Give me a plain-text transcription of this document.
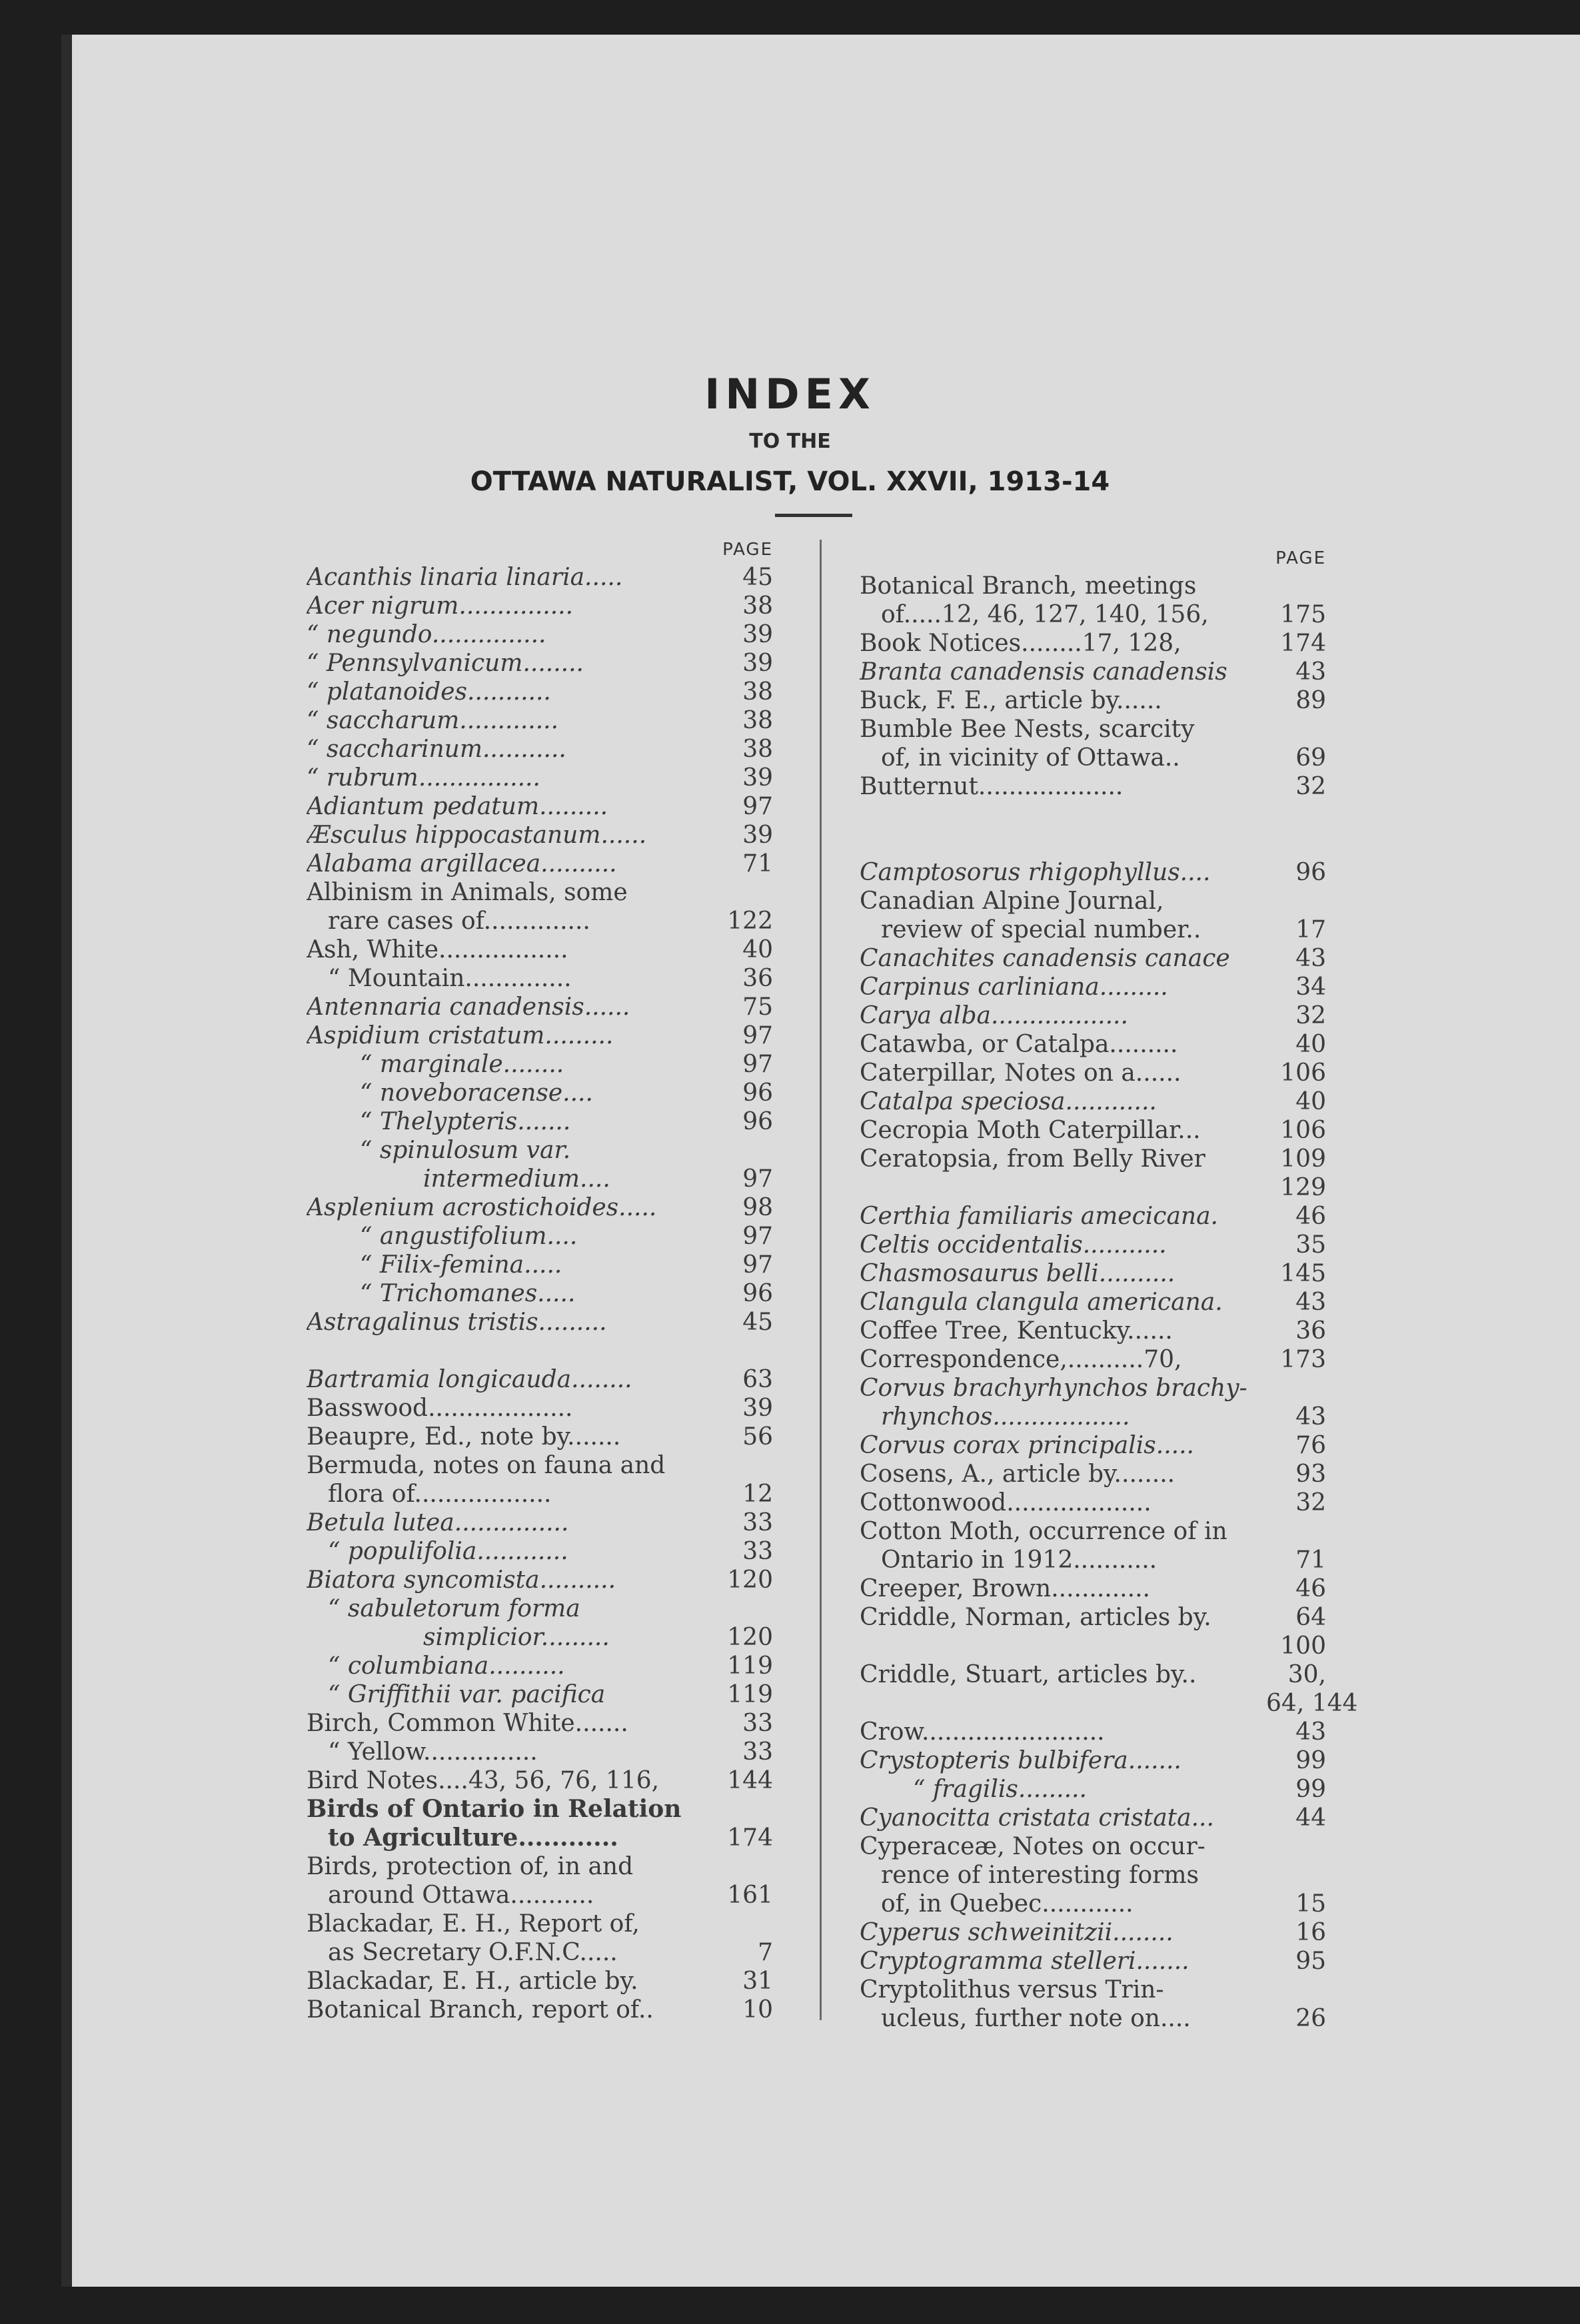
INDEX
TO THE
OTTAWA NATURALIST, VOL. XXVII, 1913-14
PAGE
Acanthis linaria linaria.....	45
Acer nigrum...............	38
“ negundo...............	39
“ Pennsylvanicum........	39
“ platanoides...........	38
“ saccharum.............	38
“ saccharinum...........	38
“ rubrum................	39
Adiantum pedatum.........	97
Æsculus hippocastanum......	39
Alabama argillacea..........	71
Albinism in Animals, some
rare cases of..............	122
Ash, White.................	40
“ Mountain..............	36
Antennaria canadensis......	75
Aspidium cristatum.........	97
“ marginale........	97
“ noveboracense....	96
“ Thelypteris.......	96
“ spinulosum var.
intermedium....	97
Asplenium acrostichoides.....	98
“ angustifolium....	97
“ Filix-femina.....	97
“ Trichomanes.....	96
Astragalinus tristis.........	45
Bartramia longicauda........	63
Basswood...................	39
Beaupre, Ed., note by.......	56
Bermuda, notes on fauna and
flora of..................	12
Betula lutea...............	33
“ populifolia............	33
Biatora syncomista..........	120
“ sabuletorum forma
simplicior.........	120
“ columbiana..........	119
“ Griffithii var. pacifica	119
Birch, Common White.......	33
“ Yellow...............	33
Bird Notes....43, 56, 76, 116,	144
Birds of Ontario in Relation
to Agriculture............	174
Birds, protection of, in and
around Ottawa...........	161
Blackadar, E. H., Report of,
as Secretary O.F.N.C.....	7
Blackadar, E. H., article by.	31
Botanical Branch, report of..	10
PAGE
Botanical Branch, meetings
of.....12, 46, 127, 140, 156,	175
Book Notices........17, 128,	174
Branta canadensis canadensis	43
Buck, F. E., article by......	89
Bumble Bee Nests, scarcity
of, in vicinity of Ottawa..	69
Butternut...................	32
Camptosorus rhigophyllus....	96
Canadian Alpine Journal,
review of special number..	17
Canachites canadensis canace	43
Carpinus carliniana.........	34
Carya alba..................	32
Catawba, or Catalpa.........	40
Caterpillar, Notes on a......	106
Catalpa speciosa............	40
Cecropia Moth Caterpillar...	106
Ceratopsia, from Belly River	109
129
Certhia familiaris amecicana.	46
Celtis occidentalis...........	35
Chasmosaurus belli..........	145
Clangula clangula americana.	43
Coffee Tree, Kentucky......	36
Correspondence,..........70,	173
Corvus brachyrhynchos brachy-
rhynchos..................	43
Corvus corax principalis.....	76
Cosens, A., article by........	93
Cottonwood...................	32
Cotton Moth, occurrence of in
Ontario in 1912...........	71
Creeper, Brown.............	46
Criddle, Norman, articles by.	64
100
Criddle, Stuart, articles by..	30,
64, 144
Crow........................	43
Crystopteris bulbifera.......	99
“ fragilis.........	99
Cyanocitta cristata cristata...	44
Cyperaceæ, Notes on occur-
rence of interesting forms
of, in Quebec............	15
Cyperus schweinitzii........	16
Cryptogramma stelleri.......	95
Cryptolithus versus Trin-
ucleus, further note on....	26
